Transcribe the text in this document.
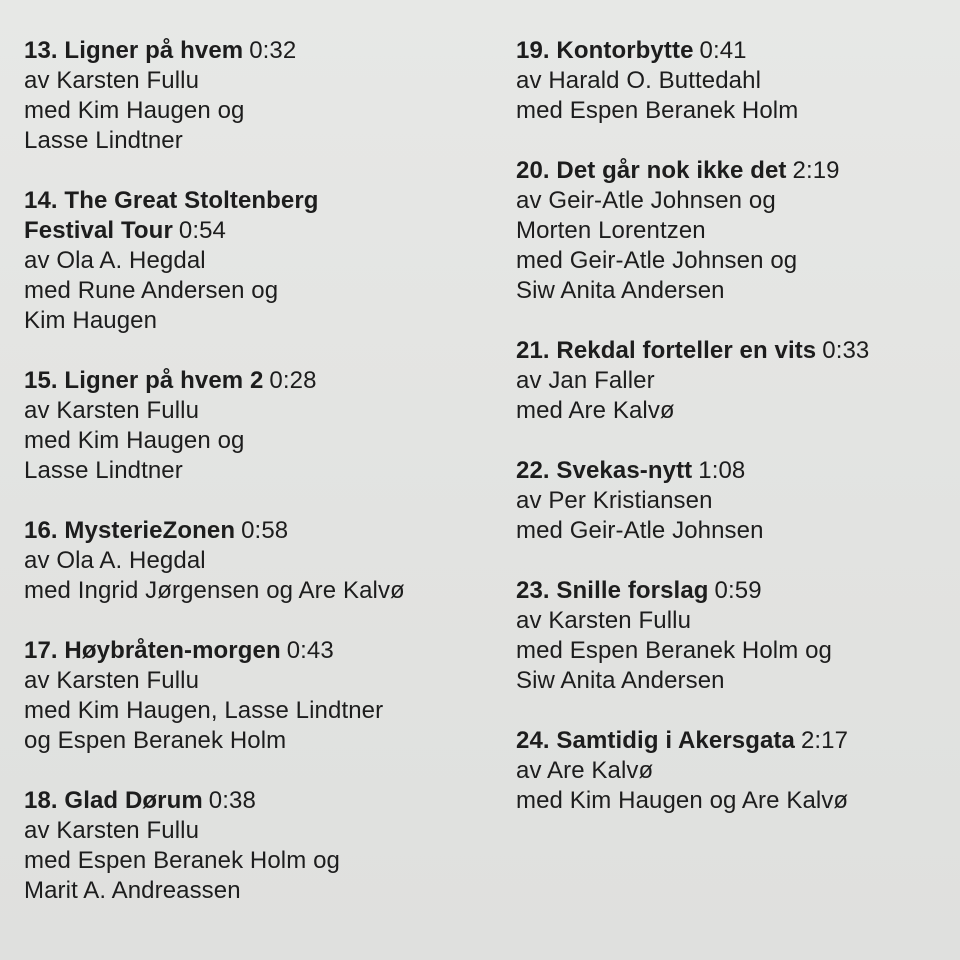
13. Ligner på hvem 0:32
av Karsten Fullu
med Kim Haugen og
Lasse Lindtner
14. The Great Stoltenberg
Festival Tour 0:54
av Ola A. Hegdal
med Rune Andersen og
Kim Haugen
15. Ligner på hvem 2 0:28
av Karsten Fullu
med Kim Haugen og
Lasse Lindtner
16. MysterieZonen 0:58
av Ola A. Hegdal
med Ingrid Jørgensen og Are Kalvø
17. Høybråten-morgen 0:43
av Karsten Fullu
med Kim Haugen, Lasse Lindtner
og Espen Beranek Holm
18. Glad Dørum 0:38
av Karsten Fullu
med Espen Beranek Holm og
Marit A. Andreassen
19. Kontorbytte 0:41
av Harald O. Buttedahl
med Espen Beranek Holm
20. Det går nok ikke det 2:19
av Geir-Atle Johnsen og
Morten Lorentzen
med Geir-Atle Johnsen og
Siw Anita Andersen
21. Rekdal forteller en vits 0:33
av Jan Faller
med Are Kalvø
22. Svekas-nytt 1:08
av Per Kristiansen
med Geir-Atle Johnsen
23. Snille forslag 0:59
av Karsten Fullu
med Espen Beranek Holm og
Siw Anita Andersen
24. Samtidig i Akersgata 2:17
av Are Kalvø
med Kim Haugen og Are Kalvø
